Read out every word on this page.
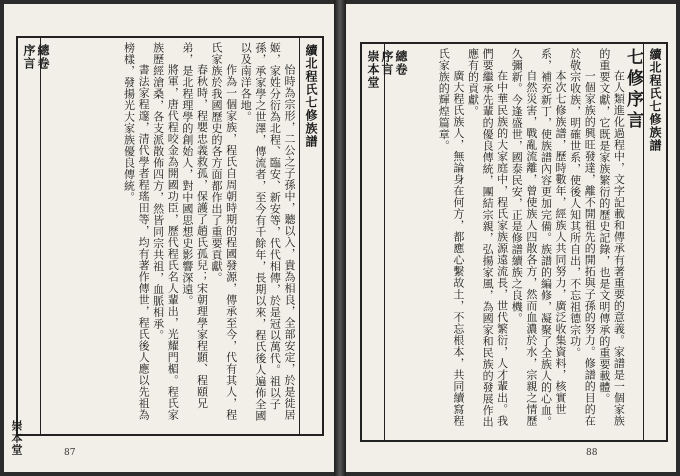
續北程氏七修族譜
總卷
序言

怡時為宗形，二公之子孫中，聽以入，貴為相良，全部安定，於是徙居姬，家姓分衍為北程、臨安、新安等，代代相傳，於是冠以萬代。祖以子孫，承家學之世澤，傳流者，至今有千餘年，長期以來，程氏後人遍佈全國以及南洋各地。

作為一個家族，程氏自周朝時期的程國發源，傳承至今，代有其人，程氏家族於我國歷史的各方面都作出了重要貢獻。

春秋時，程嬰忠義救孤，保護了趙氏孤兒；宋朝理學家程顥、程頤兄弟，是北程理學的創始人，對中國思想史影響深遠。

將軍，唐代程咬金為開國功臣，歷代程氏名人輩出，光耀門楣。程氏家族歷經滄桑，各支派散佈四方，然皆同宗共祖，血脈相承。

書法家程邃，清代學者程瑤田等，均有著作傳世，程氏後人應以先祖為榜樣，發揚光大家族優良傳統。

87
崇本堂
續北程氏七修族譜
總卷
序言
崇本堂	七修序言

在人類進化過程中，文字記載和傳承有著重要的意義。家譜是一個家族的重要文獻，它既是家族繁衍的歷史記錄，也是文明傳承的重要載體。

一個家族的興旺發達，離不開祖先的開拓與子孫的努力。修譜的目的在於敬宗收族，明確世系，使後人知其所自出，不忘祖德宗功。

本次七修族譜，歷時數年，經族人共同努力，廣泛收集資料，核實世系，補充新丁，使族譜內容更加完備。族譜的編修，凝聚了全族人的心血。

自然災害，戰亂流離，曾使族人四散各方，然而血濃於水，宗親之情歷久彌新。今逢盛世，國泰民安，正是修譜續族之良機。

在中華民族的大家庭中，程氏家族源遠流長，世代繁衍，人才輩出。我們要繼承先輩的優良傳統，團結宗親，弘揚家風，為國家和民族的發展作出應有的貢獻。

廣大程氏族人，無論身在何方，都應心繫故土，不忘根本，共同續寫程氏家族的輝煌篇章。

88
